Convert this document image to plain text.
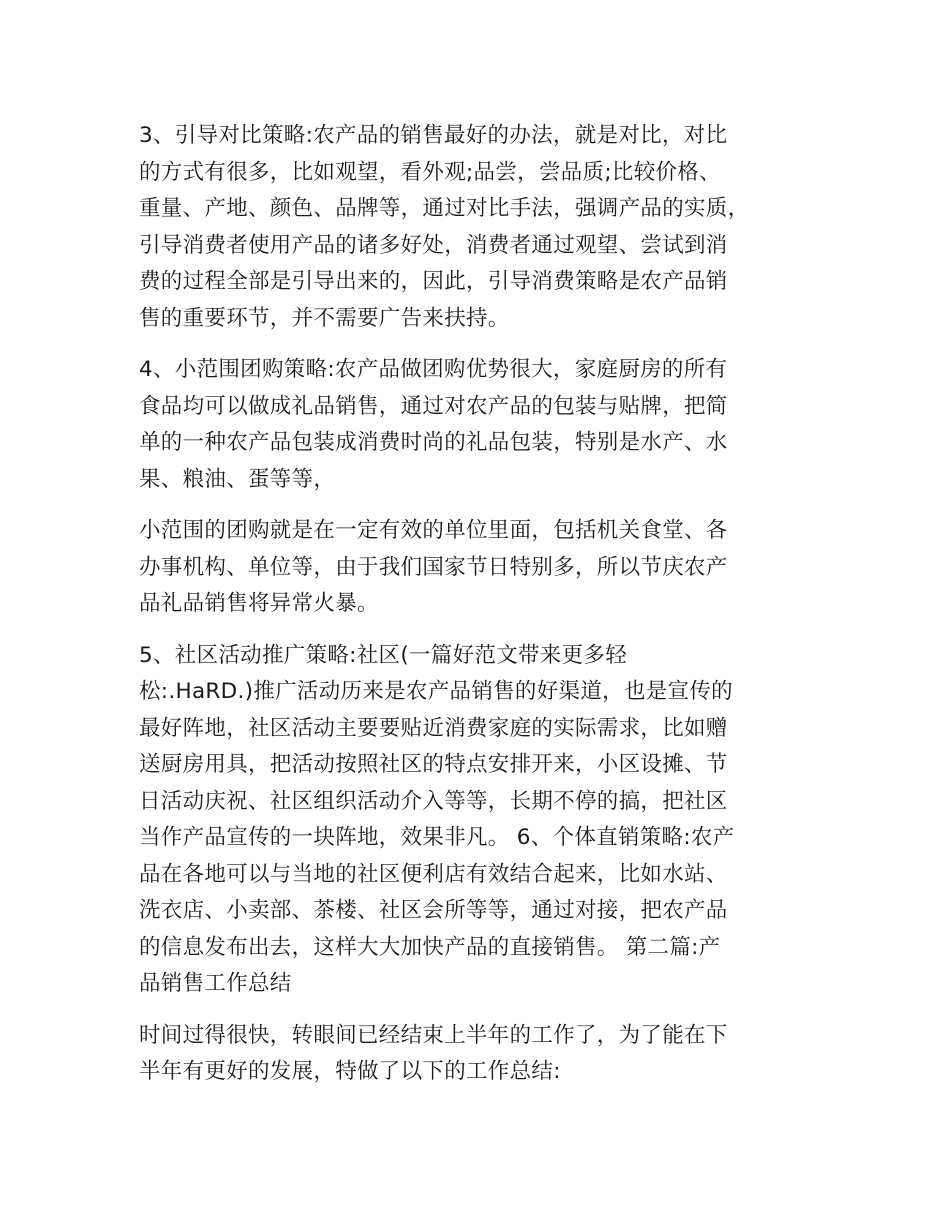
3、引导对比策略:农产品的销售最好的办法，就是对比，对比
的方式有很多，比如观望，看外观;品尝，尝品质;比较价格、
重量、产地、颜色、品牌等，通过对比手法，强调产品的实质，
引导消费者使用产品的诸多好处，消费者通过观望、尝试到消
费的过程全部是引导出来的，因此，引导消费策略是农产品销
售的重要环节，并不需要广告来扶持。

4、小范围团购策略:农产品做团购优势很大，家庭厨房的所有
食品均可以做成礼品销售，通过对农产品的包装与贴牌，把简
单的一种农产品包装成消费时尚的礼品包装，特别是水产、水
果、粮油、蛋等等，

小范围的团购就是在一定有效的单位里面，包括机关食堂、各
办事机构、单位等，由于我们国家节日特别多，所以节庆农产
品礼品销售将异常火暴。

5、社区活动推广策略:社区(一篇好范文带来更多轻
松:.HaRD.)推广活动历来是农产品销售的好渠道，也是宣传的
最好阵地，社区活动主要要贴近消费家庭的实际需求，比如赠
送厨房用具，把活动按照社区的特点安排开来，小区设摊、节
日活动庆祝、社区组织活动介入等等，长期不停的搞，把社区
当作产品宣传的一块阵地，效果非凡。 6、个体直销策略:农产
品在各地可以与当地的社区便利店有效结合起来，比如水站、
洗衣店、小卖部、茶楼、社区会所等等，通过对接，把农产品
的信息发布出去，这样大大加快产品的直接销售。 第二篇:产
品销售工作总结

时间过得很快，转眼间已经结束上半年的工作了，为了能在下
半年有更好的发展，特做了以下的工作总结:
